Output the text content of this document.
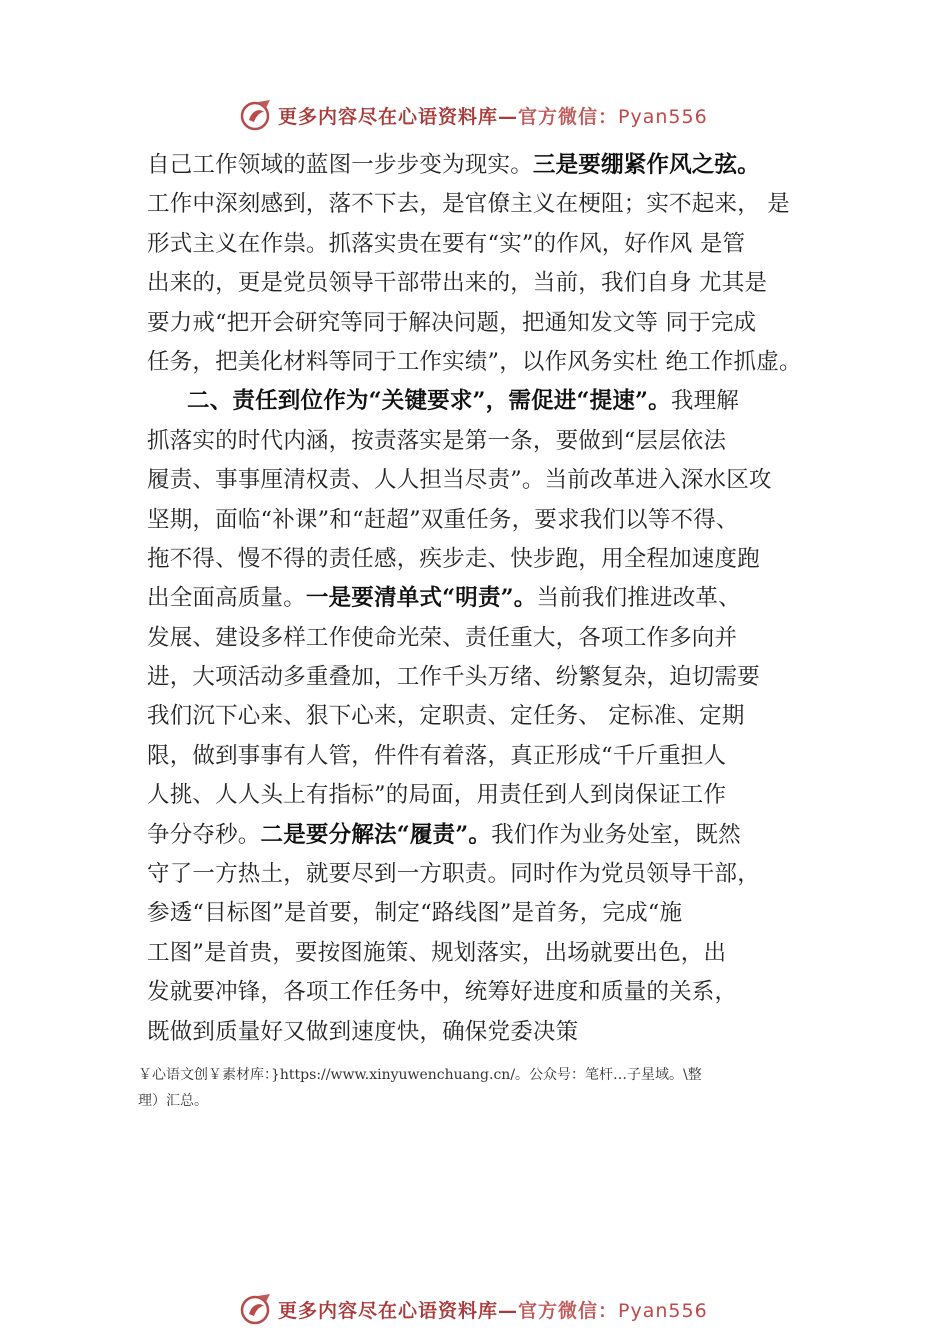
更多内容尽在心语资料库—官方微信：Pyan556
自己工作领域的蓝图一步步变为现实。三是要绷紧作风之弦。
工作中深刻感到，落不下去，是官僚主义在梗阻；实不起来， 是
形式主义在作祟。抓落实贵在要有“实”的作风，好作风 是管
出来的，更是党员领导干部带出来的，当前，我们自身 尤其是
要力戒“把开会研究等同于解决问题，把通知发文等 同于完成
任务，把美化材料等同于工作实绩”，以作风务实杜 绝工作抓虚。
二、责任到位作为“关键要求”，需促进“提速”。我理解
抓落实的时代内涵，按责落实是第一条，要做到“层层依法
履责、事事厘清权责、人人担当尽责”。当前改革进入深水区攻
坚期，面临“补课”和“赶超”双重任务，要求我们以等不得、
拖不得、慢不得的责任感，疾步走、快步跑，用全程加速度跑
出全面高质量。一是要清单式“明责”。当前我们推进改革、
发展、建设多样工作使命光荣、责任重大，各项工作多向并
进，大项活动多重叠加，工作千头万绪、纷繁复杂，迫切需要
我们沉下心来、狠下心来，定职责、定任务、 定标准、定期
限，做到事事有人管，件件有着落，真正形成“千斤重担人
人挑、人人头上有指标”的局面，用责任到人到岗保证工作
争分夺秒。二是要分解法“履责”。我们作为业务处室，既然
守了一方热土，就要尽到一方职责。同时作为党员领导干部，
参透“目标图”是首要，制定“路线图”是首务，完成“施
工图”是首贵，要按图施策、规划落实，出场就要出色，出
发就要冲锋，各项工作任务中，统筹好进度和质量的关系，
既做到质量好又做到速度快，确保党委决策
￥心语文创￥素材库：}https://www.xinyuwenchuang.cn/。公众号：笔杆…子星域。\整
理）汇总。
更多内容尽在心语资料库—官方微信：Pyan556
